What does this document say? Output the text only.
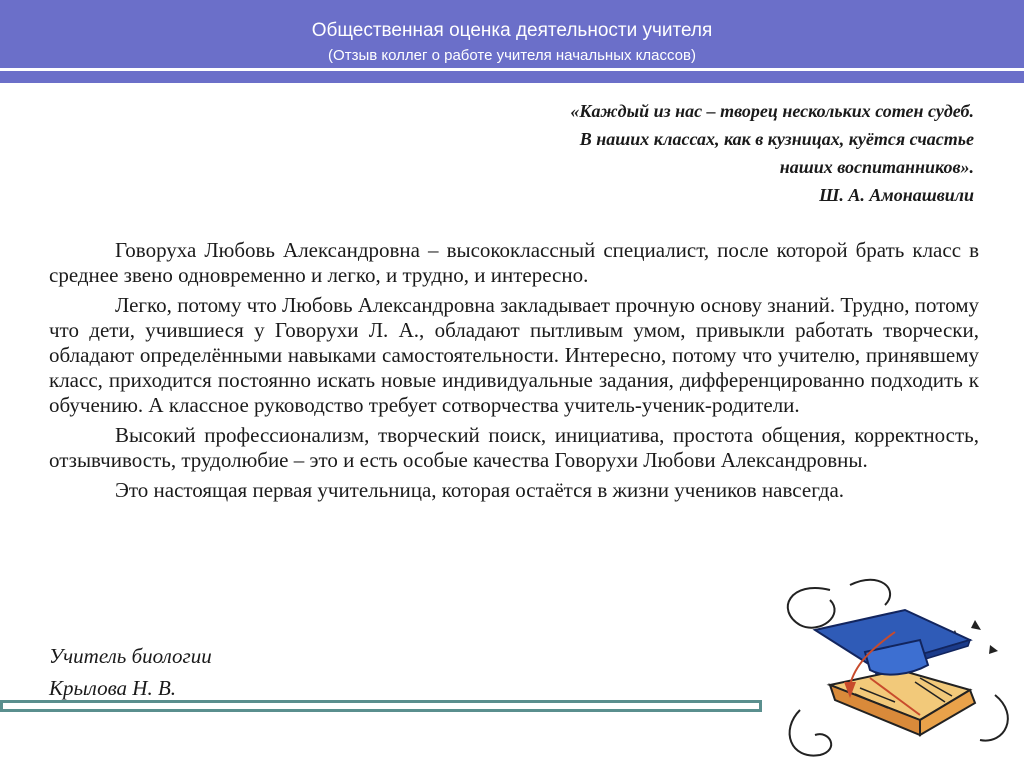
Общественная оценка деятельности учителя
(Отзыв коллег о работе учителя начальных классов)
«Каждый из нас – творец нескольких сотен судеб.
В наших классах, как в кузницах, куётся счастье
наших воспитанников».
Ш. А. Амонашвили

Говоруха Любовь Александровна – высококлассный специалист, после которой брать класс в среднее звено одновременно и легко, и трудно, и интересно.

Легко, потому что Любовь Александровна закладывает прочную основу знаний. Трудно, потому что дети, учившиеся у Говорухи Л. А., обладают пытливым умом, привыкли работать творчески, обладают определёнными навыками самостоятельности. Интересно, потому что учителю, принявшему класс, приходится постоянно искать новые индивидуальные задания, дифференцированно подходить к обучению. А классное руководство требует сотворчества учитель-ученик-родители.

Высокий профессионализм, творческий поиск, инициатива, простота общения, корректность, отзывчивость, трудолюбие – это и есть особые качества Говорухи Любови Александровны.

Это настоящая первая учительница, которая остаётся в жизни учеников навсегда.

Учитель биологии
Крылова Н. В.
